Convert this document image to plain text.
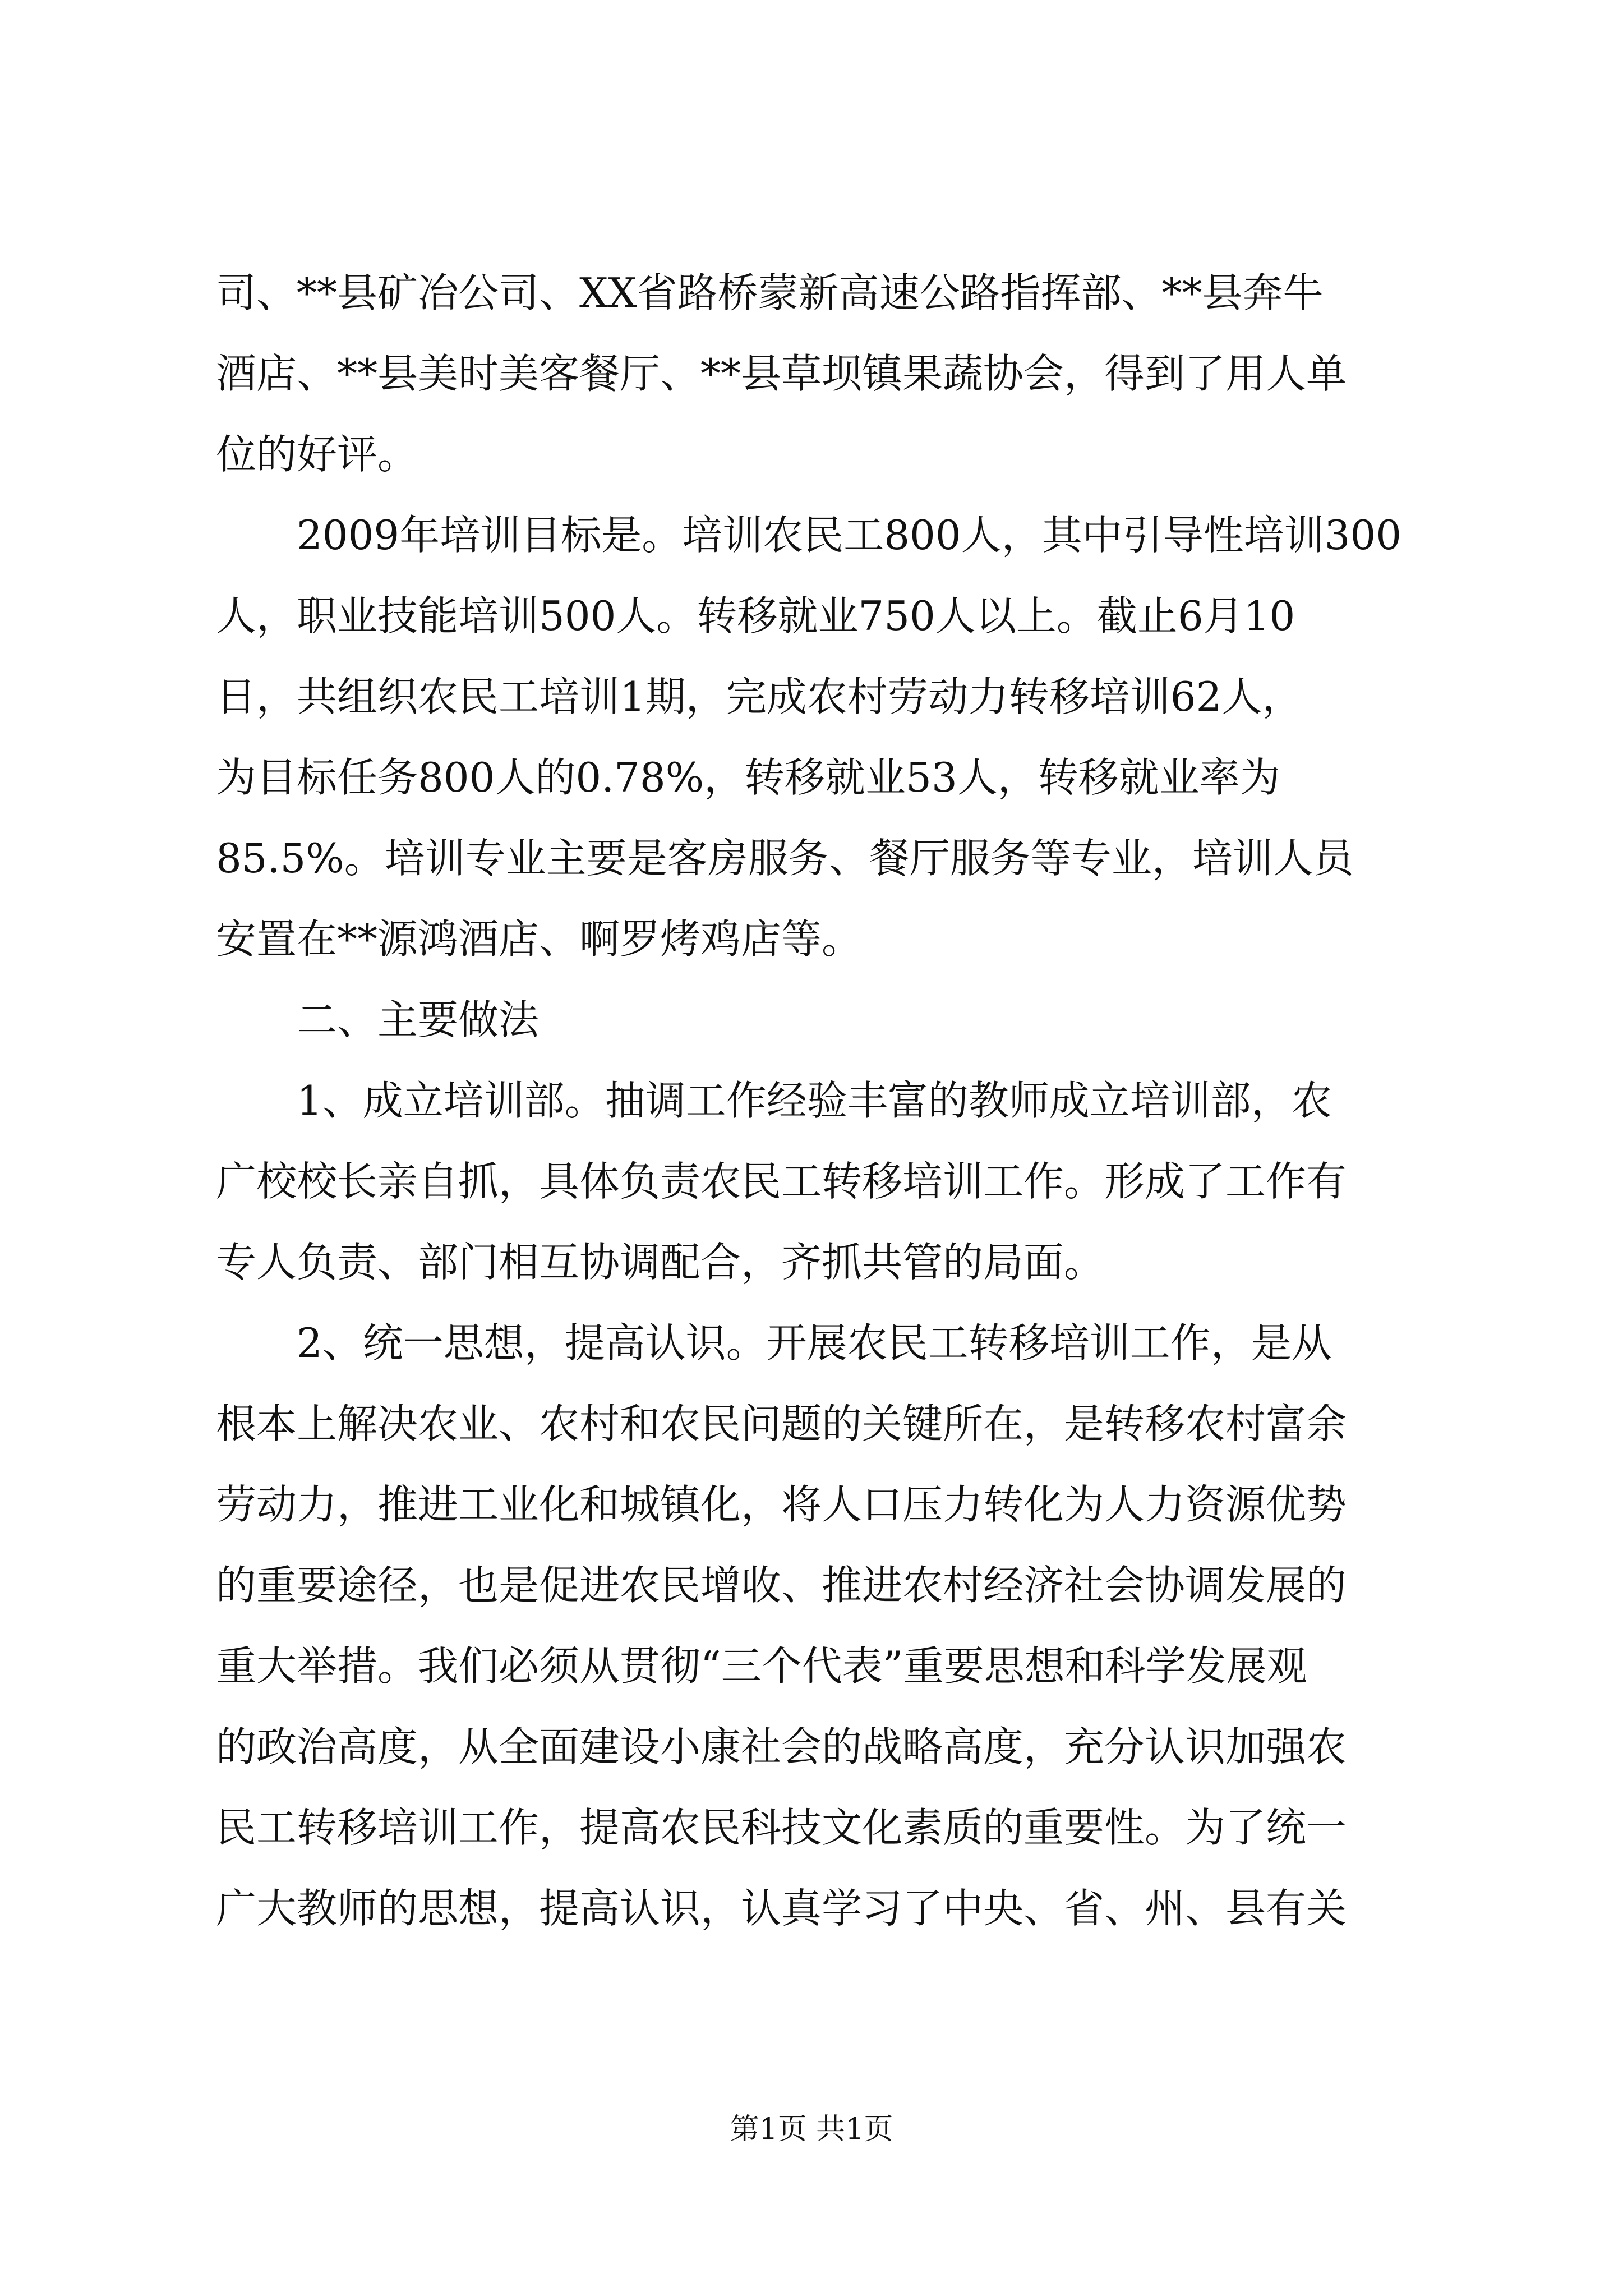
司、**县矿冶公司、XX省路桥蒙新高速公路指挥部、**县奔牛
酒店、**县美时美客餐厅、**县草坝镇果蔬协会，得到了用人单
位的好评。
2009年培训目标是。培训农民工800人，其中引导性培训300
人，职业技能培训500人。转移就业750人以上。截止6月10
日，共组织农民工培训1期，完成农村劳动力转移培训62人，
为目标任务800人的0.78%，转移就业53人，转移就业率为
85.5%。培训专业主要是客房服务、餐厅服务等专业，培训人员
安置在**源鸿酒店、啊罗烤鸡店等。
二、主要做法
1、成立培训部。抽调工作经验丰富的教师成立培训部，农
广校校长亲自抓，具体负责农民工转移培训工作。形成了工作有
专人负责、部门相互协调配合，齐抓共管的局面。
2、统一思想，提高认识。开展农民工转移培训工作，是从
根本上解决农业、农村和农民问题的关键所在，是转移农村富余
劳动力，推进工业化和城镇化，将人口压力转化为人力资源优势
的重要途径，也是促进农民增收、推进农村经济社会协调发展的
重大举措。我们必须从贯彻“三个代表”重要思想和科学发展观
的政治高度，从全面建设小康社会的战略高度，充分认识加强农
民工转移培训工作，提高农民科技文化素质的重要性。为了统一
广大教师的思想，提高认识，认真学习了中央、省、州、县有关
第1页 共1页
